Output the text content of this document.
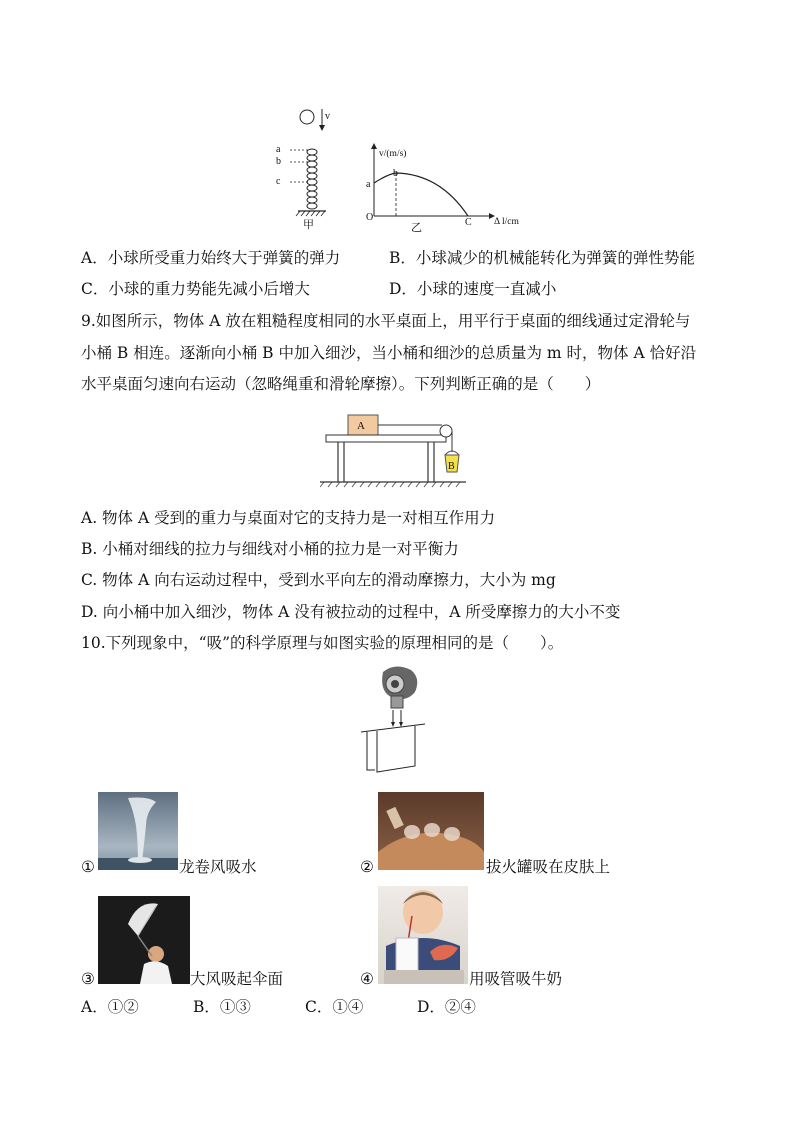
v
a
b
c
甲
v/(m/s)
Δ l/cm
O
a
b
C
乙
A．小球所受重力始终大于弹簧的弹力	B．小球减少的机械能转化为弹簧的弹性势能
C．小球的重力势能先减小后增大	D．小球的速度一直减小
9.如图所示，物体 A 放在粗糙程度相同的水平桌面上，用平行于桌面的细线通过定滑轮与
小桶 B 相连。逐渐向小桶 B 中加入细沙，当小桶和细沙的总质量为 m 时，物体 A 恰好沿
水平桌面匀速向右运动（忽略绳重和滑轮摩擦）。下列判断正确的是（　　）
A
B
A. 物体 A 受到的重力与桌面对它的支持力是一对相互作用力
B. 小桶对细线的拉力与细线对小桶的拉力是一对平衡力
C. 物体 A 向右运动过程中，受到水平向左的滑动摩擦力，大小为 mg
D. 向小桶中加入细沙，物体 A 没有被拉动的过程中，A 所受摩擦力的大小不变
10.下列现象中，“吸”的科学原理与如图实验的原理相同的是（　　）。
①	龙卷风吸水	②	拔火罐吸在皮肤上
③	大风吸起伞面	④	用吸管吸牛奶
A．①②	B．①③	C．①④	D．②④
